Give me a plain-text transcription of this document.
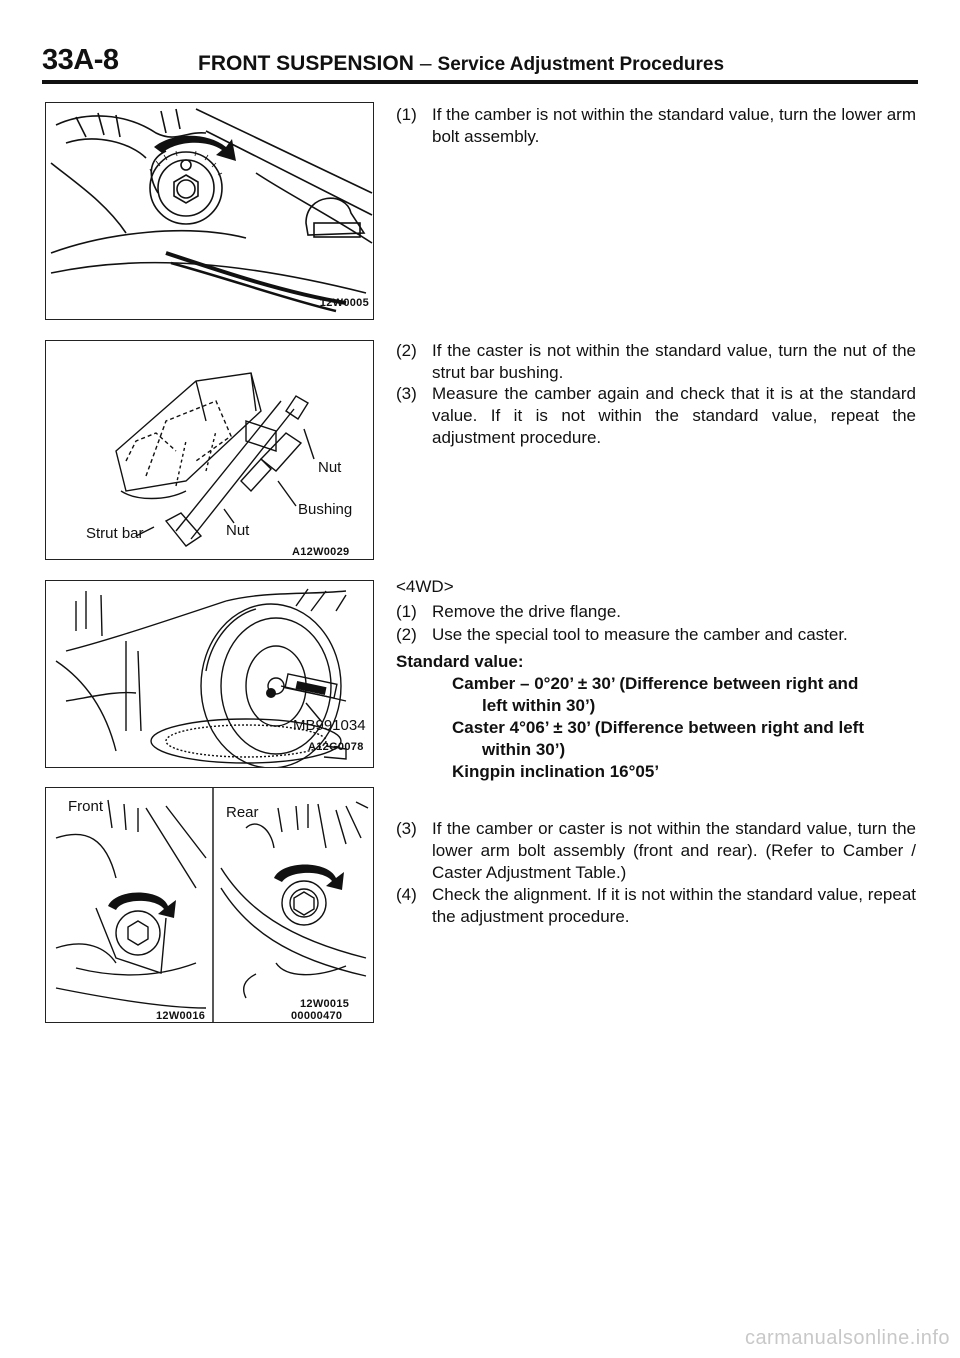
33A-8	FRONT SUSPENSION – Service Adjustment Procedures
12W0005
Nut
Bushing
Strut bar	Nut
A12W0029
MB991034
A12G0078
Front	Rear
12W0016
12W0015
00000470
(1) If the camber is not within the standard value, turn the lower arm bolt assembly.
(2) If the caster is not within the standard value, turn the nut of the strut bar bushing.
(3) Measure the camber again and check that it is at the standard value. If it is not within the standard value, repeat the adjustment procedure.
<4WD>
(1) Remove the drive flange.
(2) Use the special tool to measure the camber and caster.
Standard value:
Camber – 0°20’ ± 30’ (Difference between right and
left within 30’)
Caster 4°06’ ± 30’ (Difference between right and left
within 30’)
Kingpin inclination 16°05’
(3) If the camber or caster is not within the standard value, turn the lower arm bolt assembly (front and rear). (Refer to Camber / Caster Adjustment Table.)
(4) Check the alignment. If it is not within the standard value, repeat the adjustment procedure.
carmanualsonline.info
